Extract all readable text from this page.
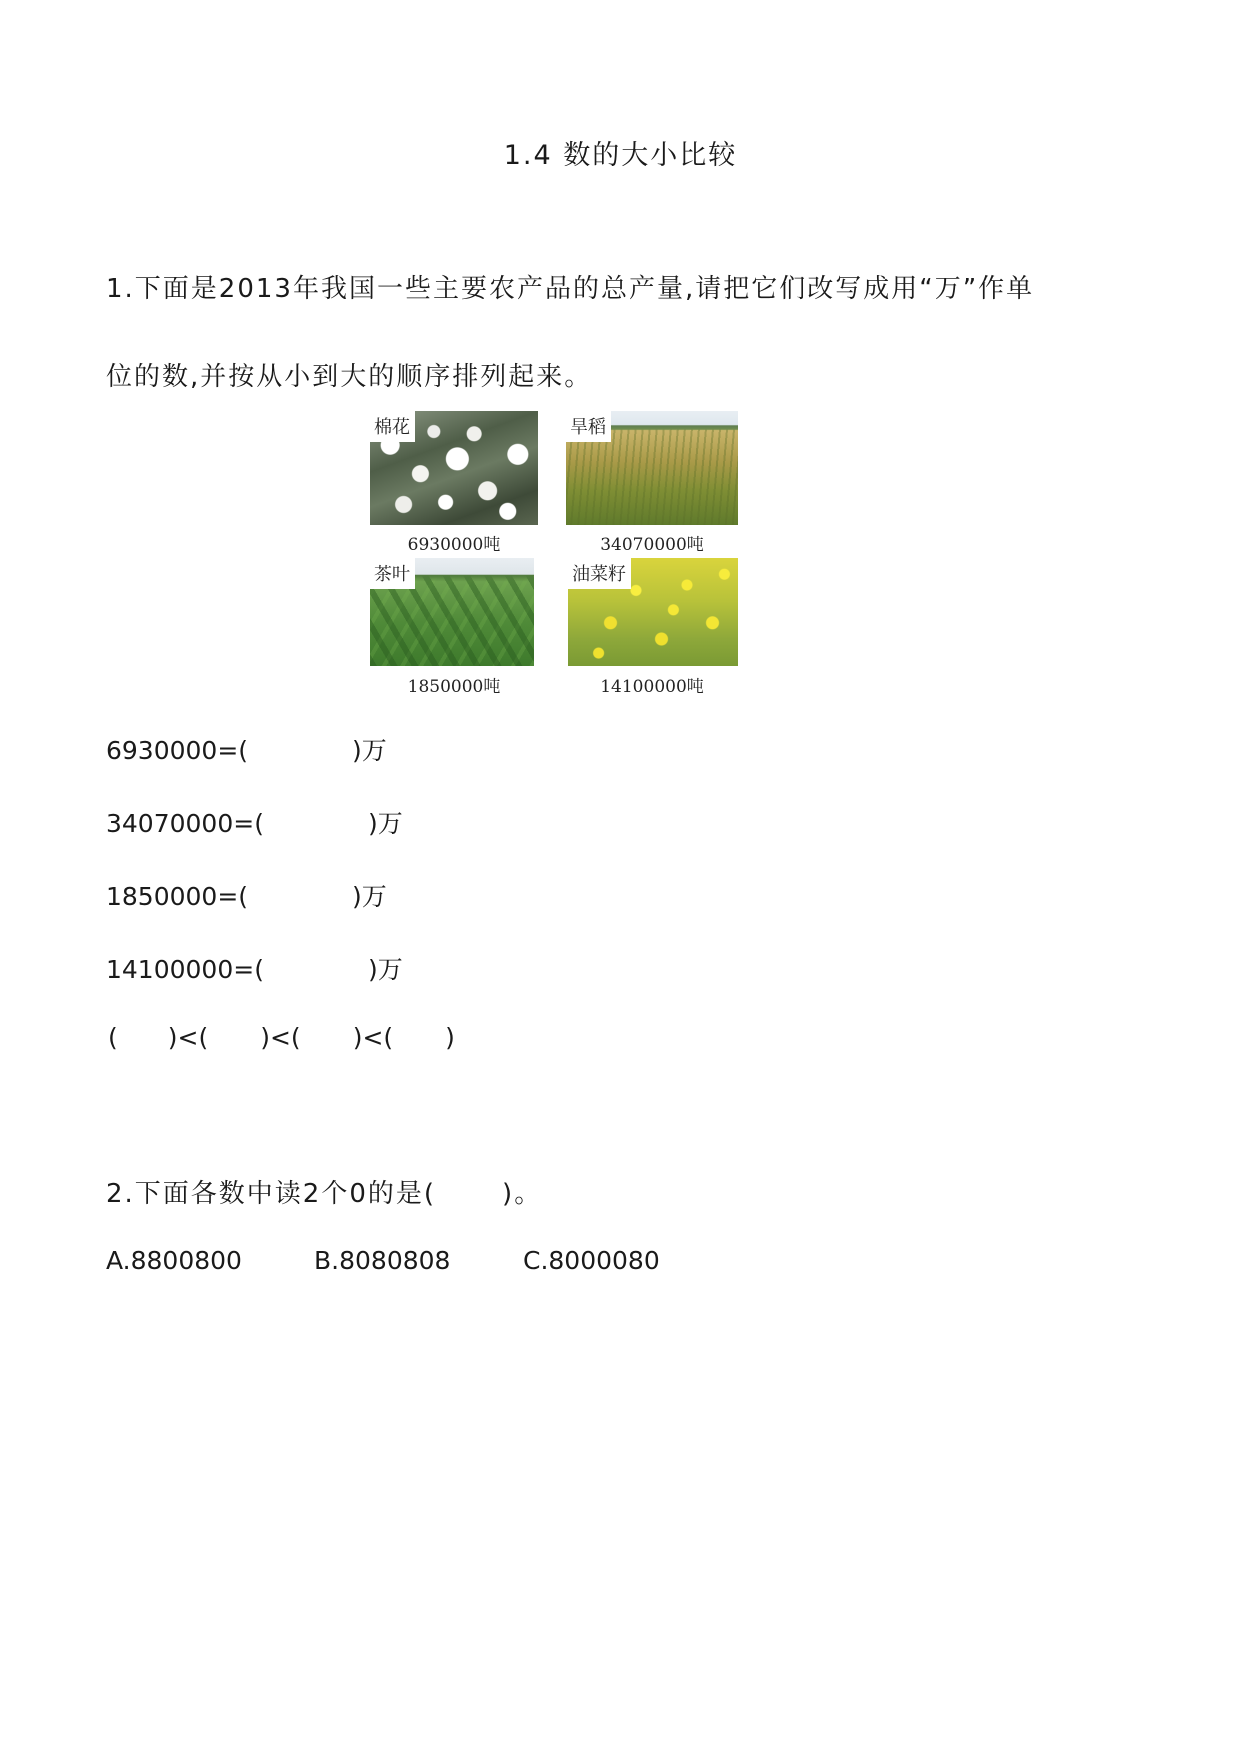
1.4 数的大小比较
1.下面是2013年我国一些主要农产品的总产量,请把它们改写成用“万”作单
位的数,并按从小到大的顺序排列起来。
棉花
6930000吨
旱稻
34070000吨
茶叶
1850000吨
油菜籽
14100000吨
6930000=(	)万
34070000=(	)万
1850000=(	)万
14100000=(	)万
( )<( )<( )<( )
2.下面各数中读2个0的是(	)。
A.8800800	B.8080808	C.8000080
